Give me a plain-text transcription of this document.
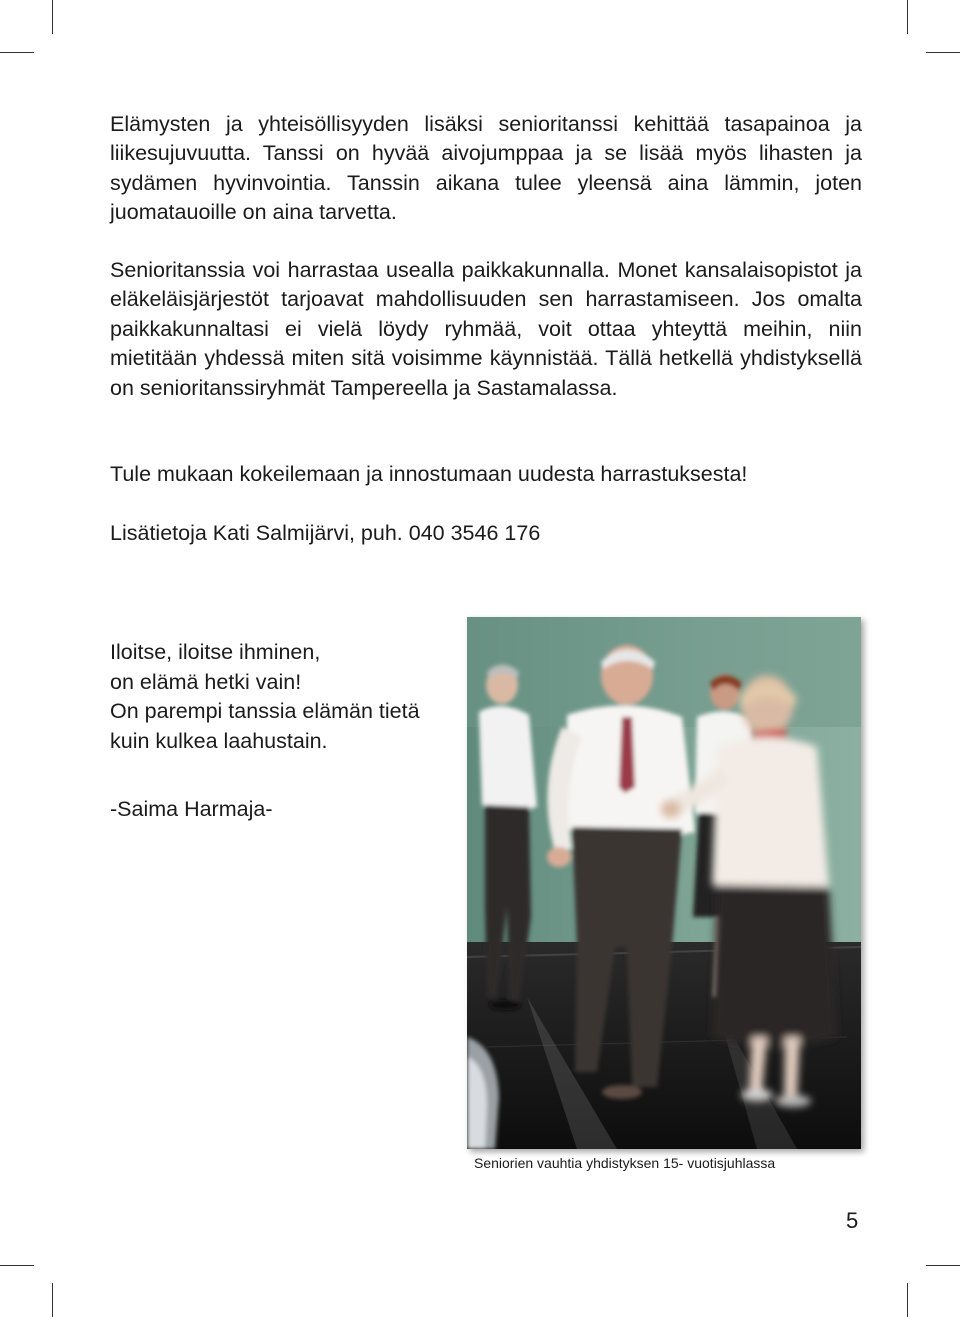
Elämysten ja yhteisöllisyyden lisäksi senioritanssi kehittää tasapainoa ja liikesujuvuutta. Tanssi on hyvää aivojumppaa ja se lisää myös lihasten ja sydämen hyvinvointia. Tanssin aikana tulee yleensä aina lämmin, joten juomatauoille on aina tarvetta.

Senioritanssia voi harrastaa usealla paikkakunnalla. Monet kansalaisopistot ja eläkeläisjärjestöt tarjoavat mahdollisuuden sen harrastamiseen. Jos omalta paikkakunnaltasi ei vielä löydy ryhmää, voit ottaa yhteyttä meihin, niin mietitään yhdessä miten sitä voisimme käynnistää. Tällä hetkellä yhdistyksellä on senioritanssiryhmät Tampereella ja Sastamalassa.

Tule mukaan kokeilemaan ja innostumaan uudesta harrastuksesta!

Lisätietoja Kati Salmijärvi, puh. 040 3546 176

Iloitse, iloitse ihminen,
on elämä hetki vain!
On parempi tanssia elämän tietä
kuin kulkea laahustain.
-Saima Harmaja-
Seniorien vauhtia yhdistyksen 15- vuotisjuhlassa
5
